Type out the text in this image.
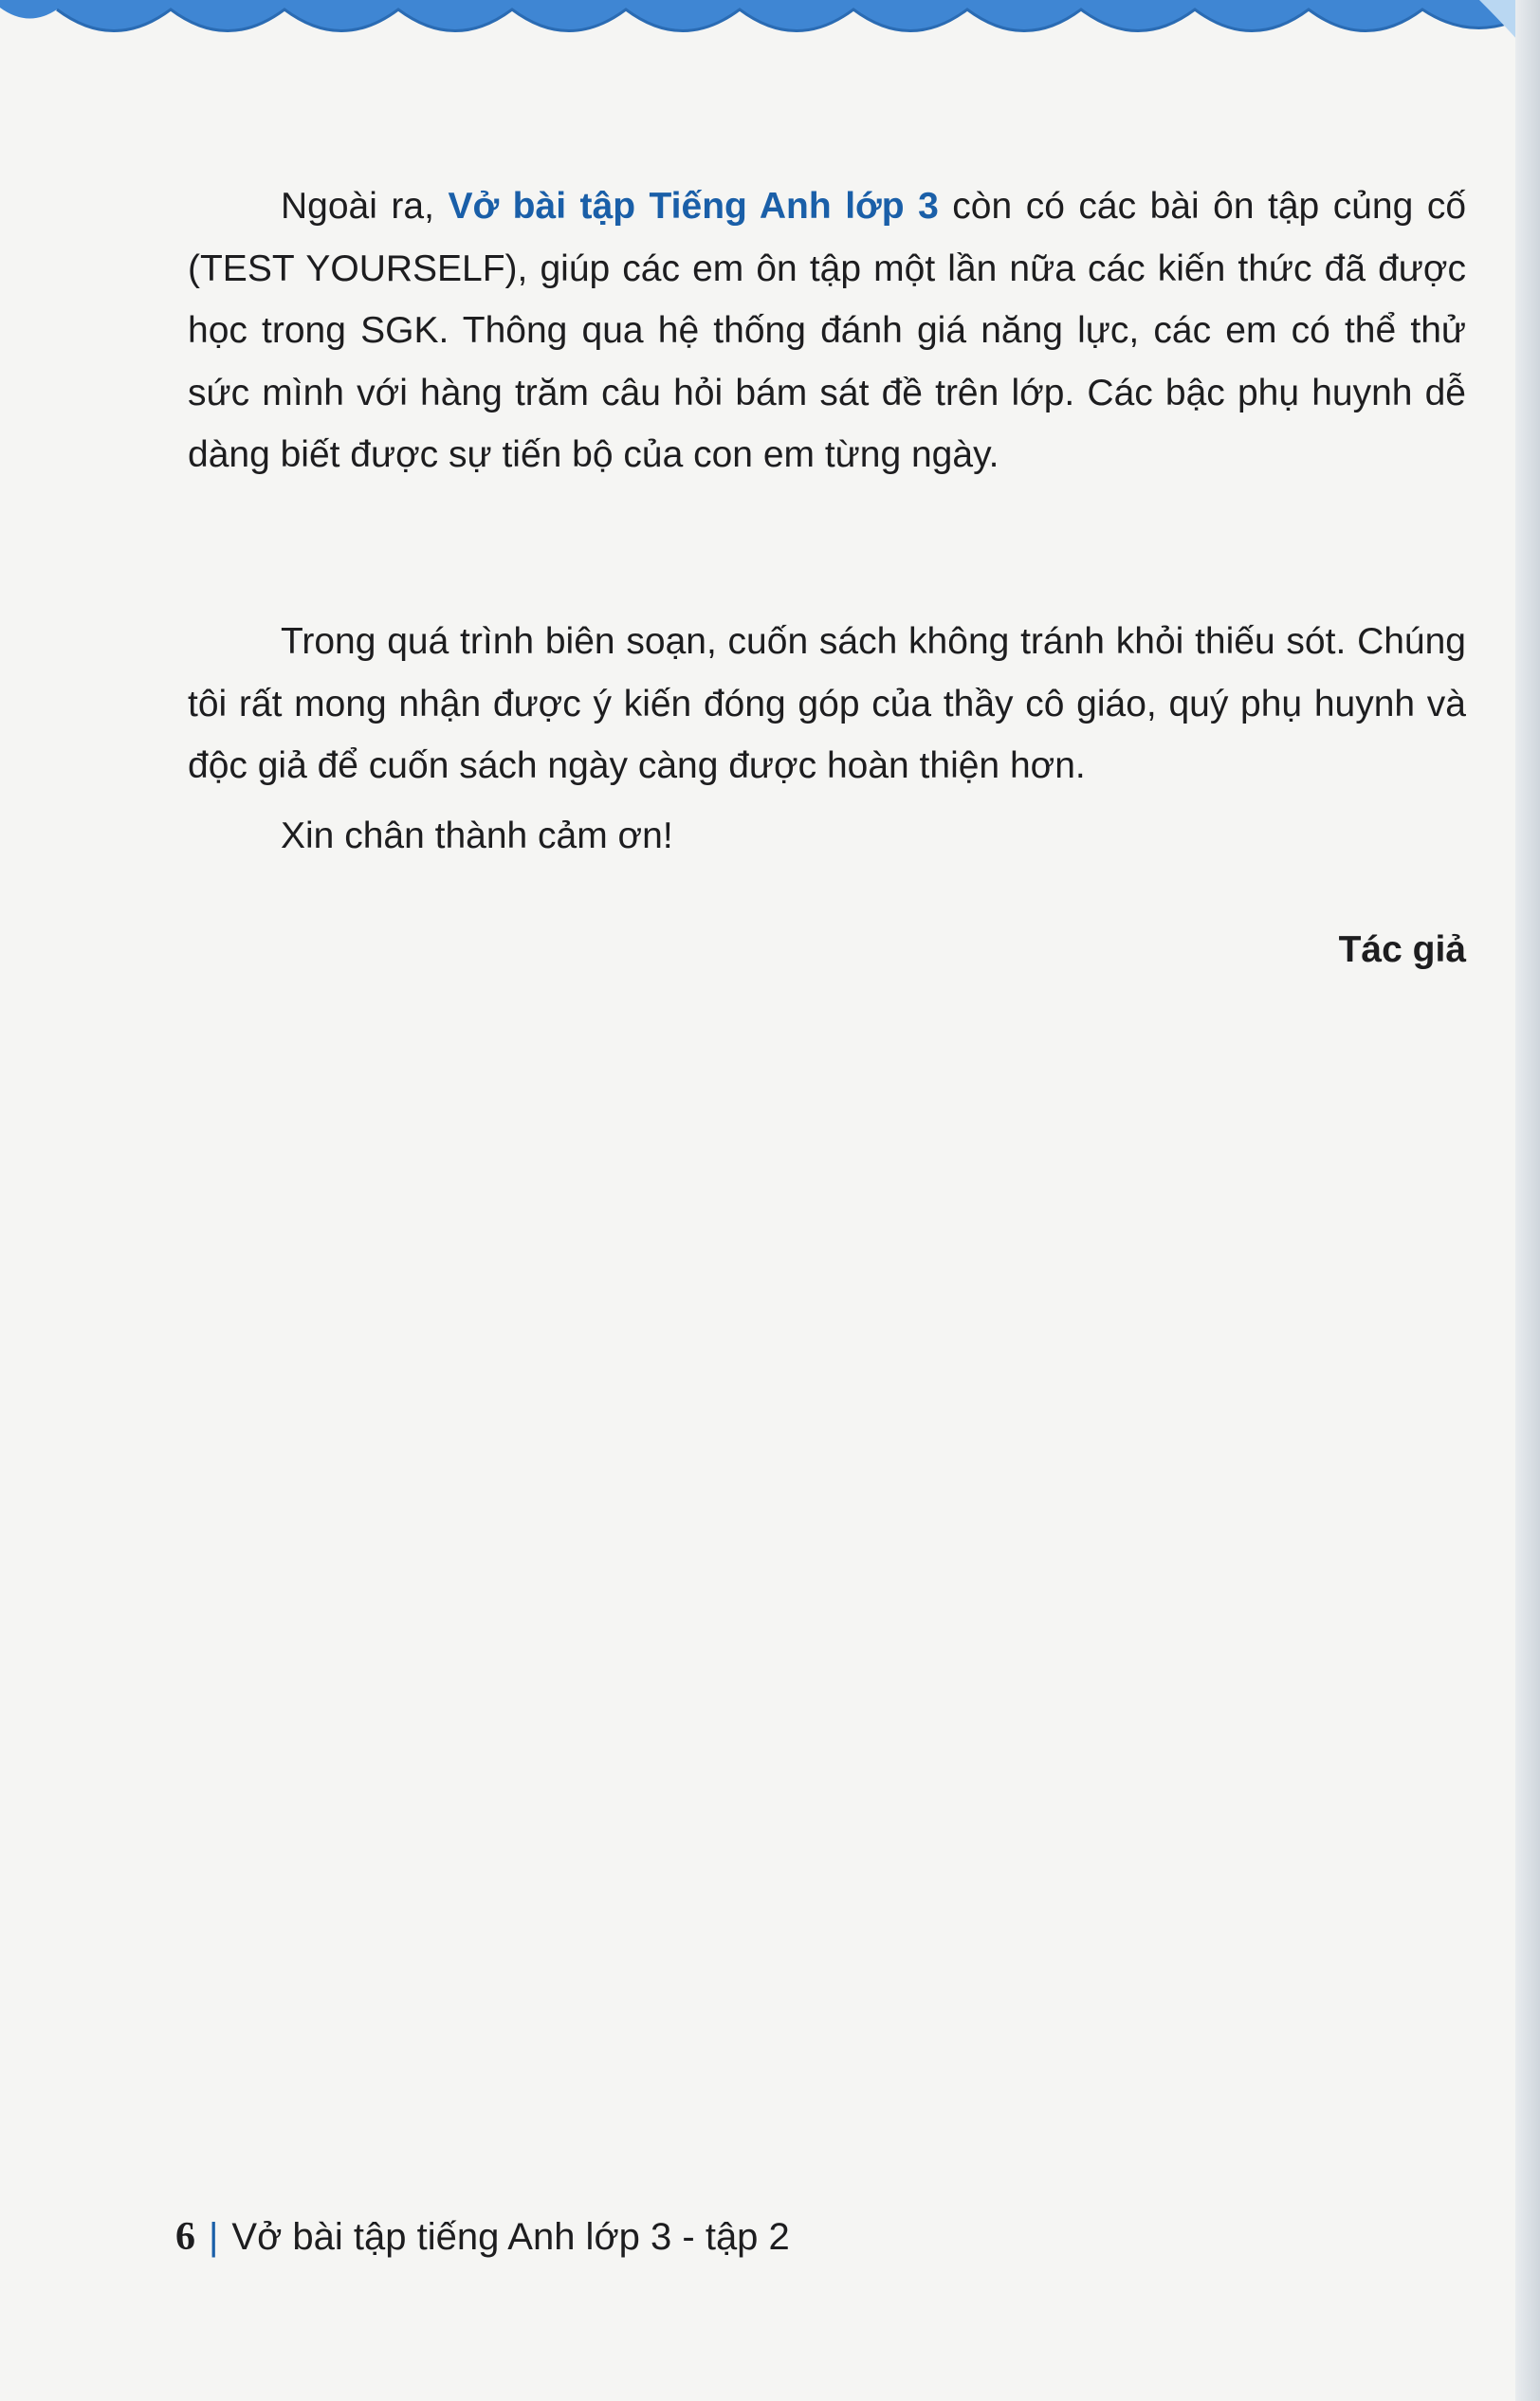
Ngoài ra, Vở bài tập Tiếng Anh lớp 3 còn có các bài ôn tập củng cố (TEST YOURSELF), giúp các em ôn tập một lần nữa các kiến thức đã được học trong SGK. Thông qua hệ thống đánh giá năng lực, các em có thể thử sức mình với hàng trăm câu hỏi bám sát đề trên lớp. Các bậc phụ huynh dễ dàng biết được sự tiến bộ của con em từng ngày.

Trong quá trình biên soạn, cuốn sách không tránh khỏi thiếu sót. Chúng tôi rất mong nhận được ý kiến đóng góp của thầy cô giáo, quý phụ huynh và độc giả để cuốn sách ngày càng được hoàn thiện hơn.

Xin chân thành cảm ơn!

Tác giả

6 | Vở bài tập tiếng Anh lớp 3 - tập 2
